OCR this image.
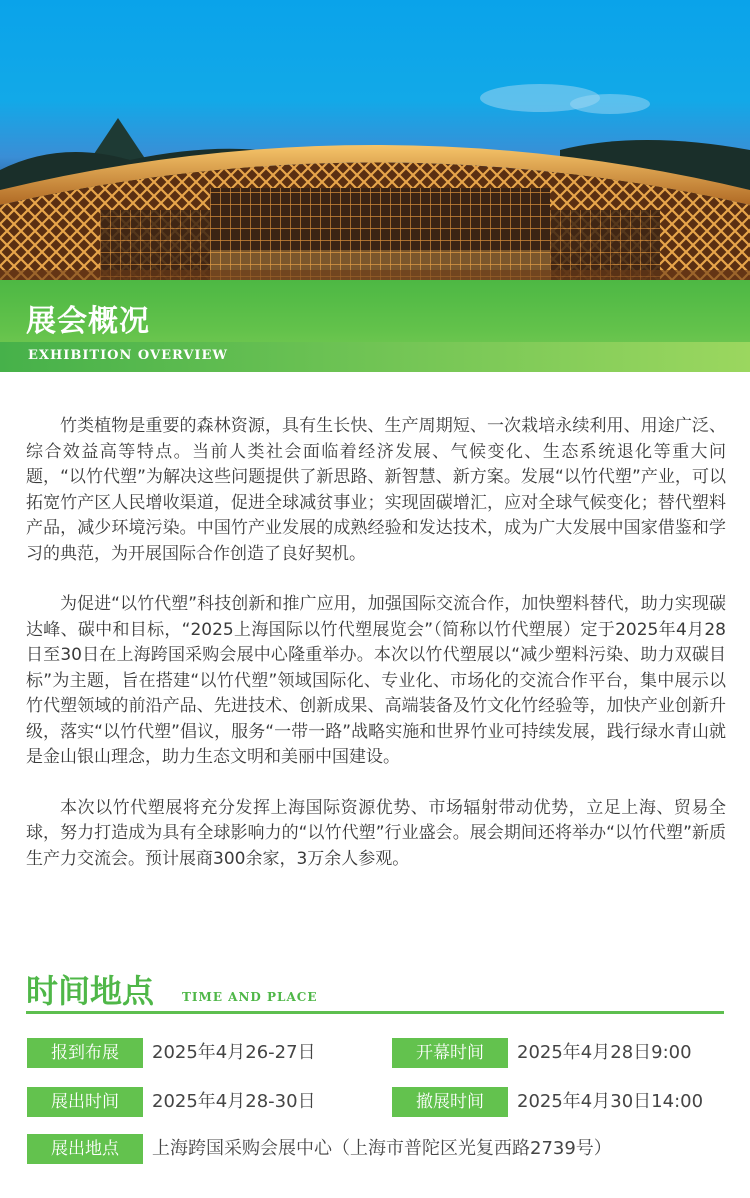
展会概况
EXHIBITION OVERVIEW

竹类植物是重要的森林资源，具有生长快、生产周期短、一次栽培永续利用、用途广泛、综合效益高等特点。当前人类社会面临着经济发展、气候变化、生态系统退化等重大问题，“以竹代塑”为解决这些问题提供了新思路、新智慧、新方案。发展“以竹代塑”产业，可以拓宽竹产区人民增收渠道，促进全球减贫事业；实现固碳增汇，应对全球气候变化；替代塑料产品，减少环境污染。中国竹产业发展的成熟经验和发达技术，成为广大发展中国家借鉴和学习的典范，为开展国际合作创造了良好契机。

为促进“以竹代塑”科技创新和推广应用，加强国际交流合作，加快塑料替代，助力实现碳达峰、碳中和目标，“2025上海国际以竹代塑展览会”（简称以竹代塑展）定于2025年4月28日至30日在上海跨国采购会展中心隆重举办。本次以竹代塑展以“减少塑料污染、助力双碳目标”为主题，旨在搭建“以竹代塑”领域国际化、专业化、市场化的交流合作平台，集中展示以竹代塑领域的前沿产品、先进技术、创新成果、高端装备及竹文化竹经验等，加快产业创新升级，落实“以竹代塑”倡议，服务“一带一路”战略实施和世界竹业可持续发展，践行绿水青山就是金山银山理念，助力生态文明和美丽中国建设。

本次以竹代塑展将充分发挥上海国际资源优势、市场辐射带动优势，立足上海、贸易全球，努力打造成为具有全球影响力的“以竹代塑”行业盛会。展会期间还将举办“以竹代塑”新质生产力交流会。预计展商300余家，3万余人参观。

时间地点 TIME AND PLACE
报到布展	2025年4月26-27日	开幕时间	2025年4月28日9:00
展出时间	2025年4月28-30日	撤展时间	2025年4月30日14:00
展出地点	上海跨国采购会展中心（上海市普陀区光复西路2739号）
